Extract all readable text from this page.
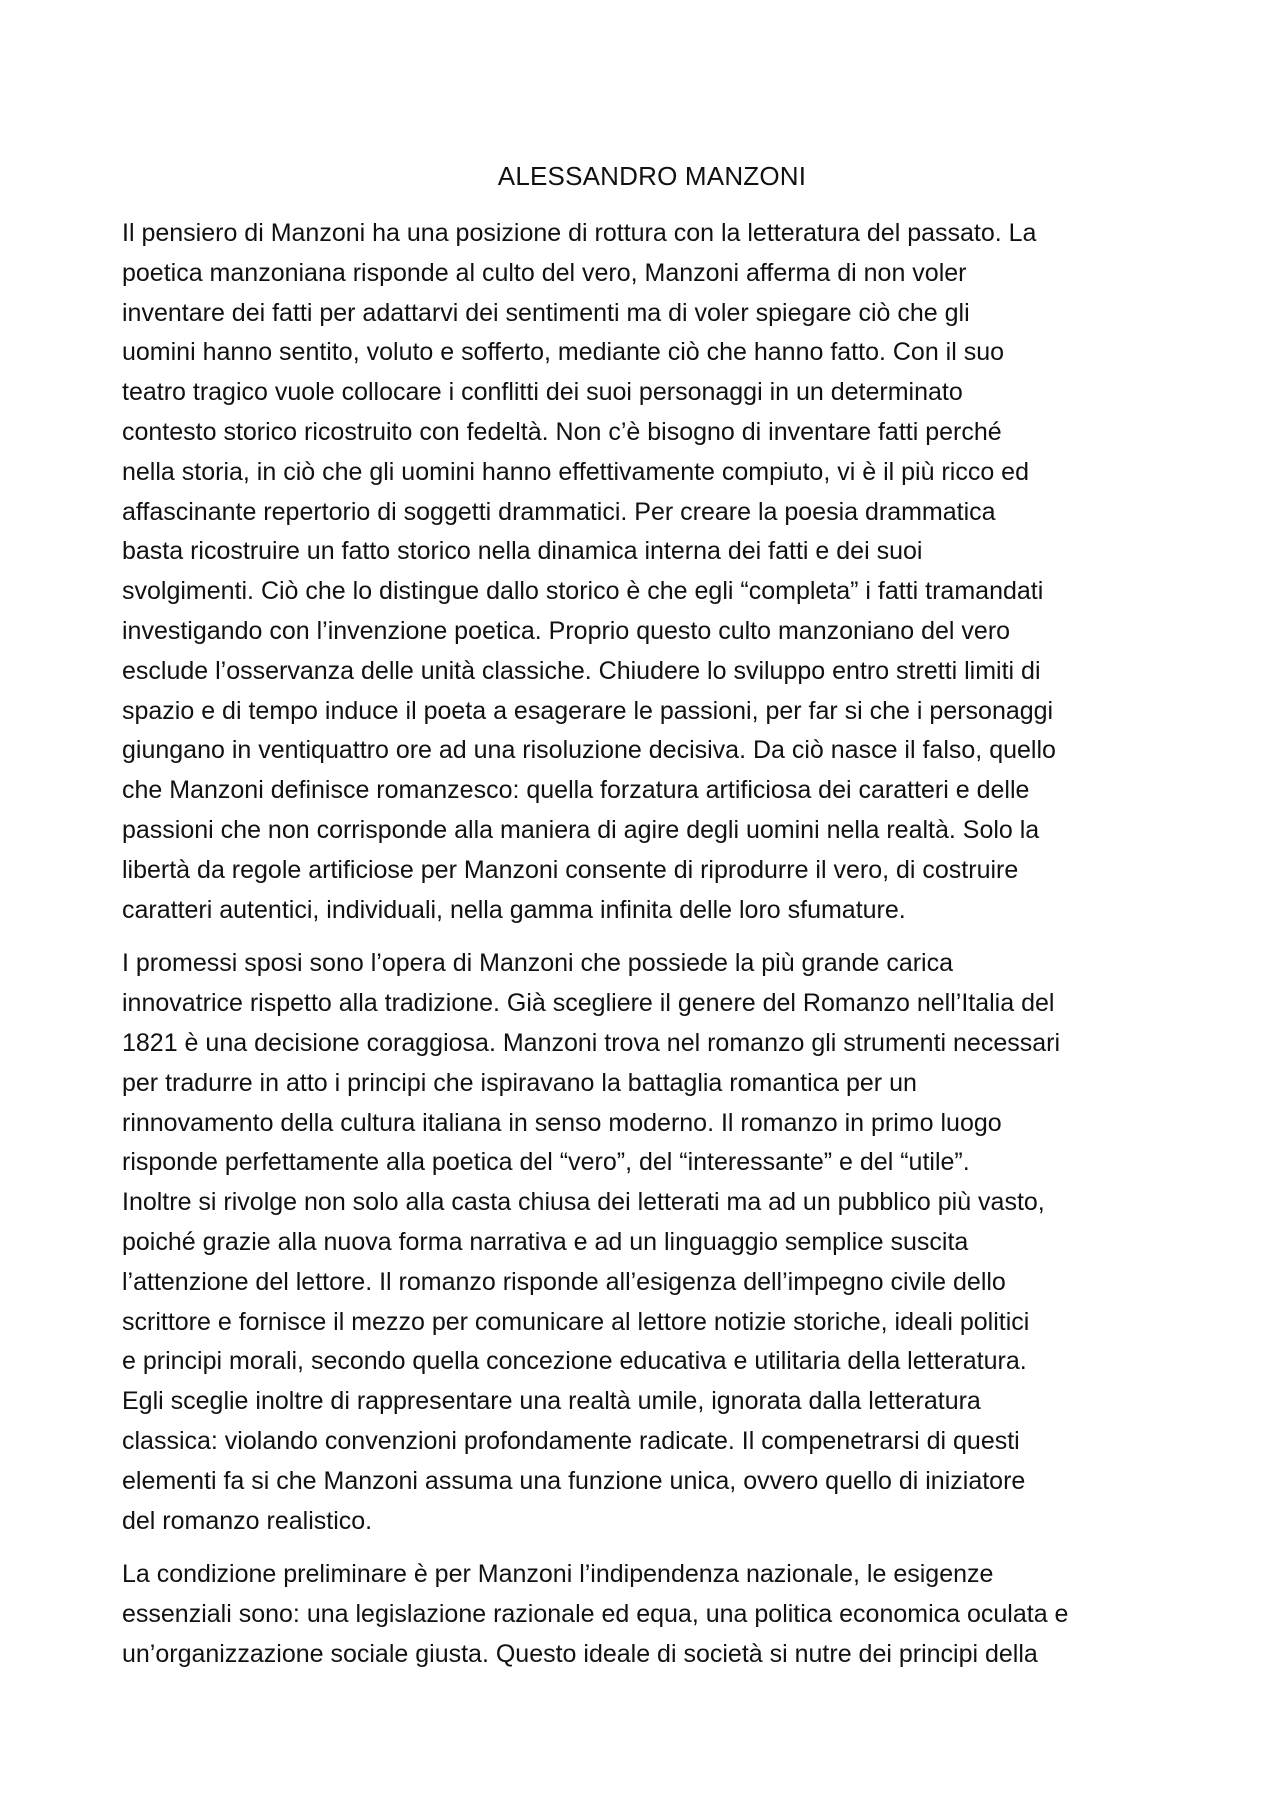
ALESSANDRO MANZONI

Il pensiero di Manzoni ha una posizione di rottura con la letteratura del passato. La
poetica manzoniana risponde al culto del vero, Manzoni afferma di non voler
inventare dei fatti per adattarvi dei sentimenti ma di voler spiegare ciò che gli
uomini hanno sentito, voluto e sofferto, mediante ciò che hanno fatto. Con il suo
teatro tragico vuole collocare i conflitti dei suoi personaggi in un determinato
contesto storico ricostruito con fedeltà. Non c’è bisogno di inventare fatti perché
nella storia, in ciò che gli uomini hanno effettivamente compiuto, vi è il più ricco ed
affascinante repertorio di soggetti drammatici. Per creare la poesia drammatica
basta ricostruire un fatto storico nella dinamica interna dei fatti e dei suoi
svolgimenti. Ciò che lo distingue dallo storico è che egli “completa” i fatti tramandati
investigando con l’invenzione poetica. Proprio questo culto manzoniano del vero
esclude l’osservanza delle unità classiche. Chiudere lo sviluppo entro stretti limiti di
spazio e di tempo induce il poeta a esagerare le passioni, per far si che i personaggi
giungano in ventiquattro ore ad una risoluzione decisiva. Da ciò nasce il falso, quello
che Manzoni definisce romanzesco: quella forzatura artificiosa dei caratteri e delle
passioni che non corrisponde alla maniera di agire degli uomini nella realtà. Solo la
libertà da regole artificiose per Manzoni consente di riprodurre il vero, di costruire
caratteri autentici, individuali, nella gamma infinita delle loro sfumature.

I promessi sposi sono l’opera di Manzoni che possiede la più grande carica
innovatrice rispetto alla tradizione. Già scegliere il genere del Romanzo nell’Italia del
1821 è una decisione coraggiosa. Manzoni trova nel romanzo gli strumenti necessari
per tradurre in atto i principi che ispiravano la battaglia romantica per un
rinnovamento della cultura italiana in senso moderno. Il romanzo in primo luogo
risponde perfettamente alla poetica del “vero”, del “interessante” e del “utile”.
Inoltre si rivolge non solo alla casta chiusa dei letterati ma ad un pubblico più vasto,
poiché grazie alla nuova forma narrativa e ad un linguaggio semplice suscita
l’attenzione del lettore. Il romanzo risponde all’esigenza dell’impegno civile dello
scrittore e fornisce il mezzo per comunicare al lettore notizie storiche, ideali politici
e principi morali, secondo quella concezione educativa e utilitaria della letteratura.
Egli sceglie inoltre di rappresentare una realtà umile, ignorata dalla letteratura
classica: violando convenzioni profondamente radicate. Il compenetrarsi di questi
elementi fa si che Manzoni assuma una funzione unica, ovvero quello di iniziatore
del romanzo realistico.

La condizione preliminare è per Manzoni l’indipendenza nazionale, le esigenze
essenziali sono: una legislazione razionale ed equa, una politica economica oculata e
un’organizzazione sociale giusta. Questo ideale di società si nutre dei principi della
